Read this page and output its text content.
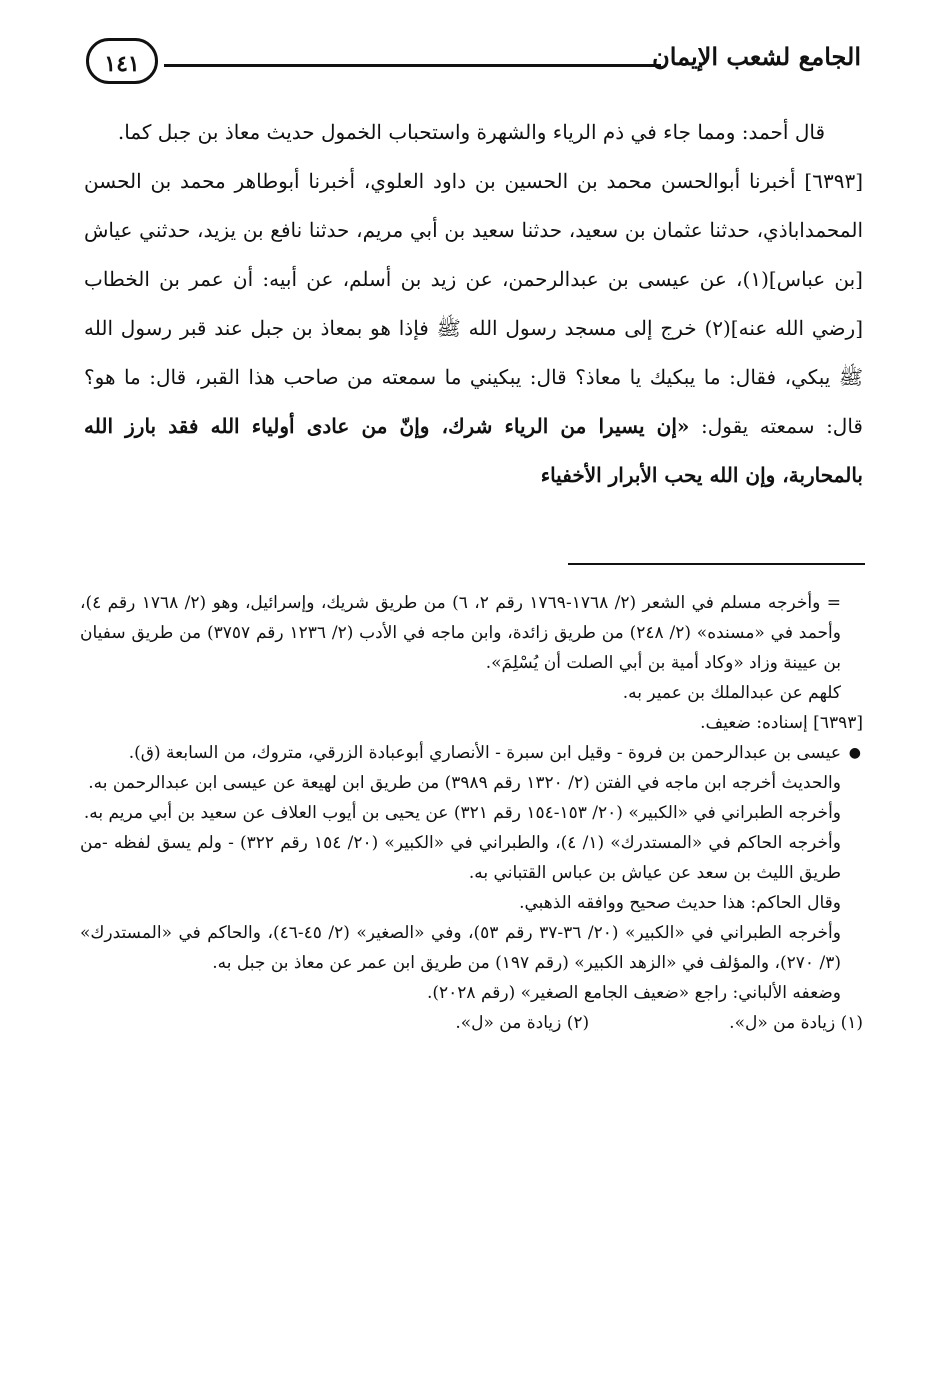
الجامع لشعب الإيمان
١٤١

قال أحمد: ومما جاء في ذم الرياء والشهرة واستحباب الخمول حديث معاذ بن جبل كما.

[٦٣٩٣] أخبرنا أبوالحسن محمد بن الحسين بن داود العلوي، أخبرنا أبوطاهر محمد بن الحسن المحمداباذي، حدثنا عثمان بن سعيد، حدثنا سعيد بن أبي مريم، حدثنا نافع بن يزيد، حدثني عياش [بن عباس](١)، عن عيسى بن عبدالرحمن، عن زيد بن أسلم، عن أبيه: أن عمر بن الخطاب [رضي الله عنه](٢) خرج إلى مسجد رسول الله ﷺ فإذا هو بمعاذ بن جبل عند قبر رسول الله ﷺ يبكي، فقال: ما يبكيك يا معاذ؟ قال: يبكيني ما سمعته من صاحب هذا القبر، قال: ما هو؟ قال: سمعته يقول: «إن يسيرا من الرياء شرك، وإنّ من عادى أولياء الله فقد بارز الله بالمحاربة، وإن الله يحب الأبرار الأخفياء

= وأخرجه مسلم في الشعر (٢/ ١٧٦٨-١٧٦٩ رقم ٢، ٦) من طريق شريك، وإسرائيل، وهو (٢/ ١٧٦٨ رقم ٤)، وأحمد في «مسنده» (٢/ ٢٤٨) من طريق زائدة، وابن ماجه في الأدب (٢/ ١٢٣٦ رقم ٣٧٥٧) من طريق سفيان بن عيينة وزاد «وكاد أمية بن أبي الصلت أن يُسْلِمَ».

كلهم عن عبدالملك بن عمير به.

[٦٣٩٣] إسناده: ضعيف.

●
عيسى بن عبدالرحمن بن فروة - وقيل ابن سبرة - الأنصاري أبوعبادة الزرقي، متروك، من السابعة (ق).

والحديث أخرجه ابن ماجه في الفتن (٢/ ١٣٢٠ رقم ٣٩٨٩) من طريق ابن لهيعة عن عيسى ابن عبدالرحمن به.

وأخرجه الطبراني في «الكبير» (٢٠/ ١٥٣-١٥٤ رقم ٣٢١) عن يحيى بن أيوب العلاف عن سعيد بن أبي مريم به.

وأخرجه الحاكم في «المستدرك» (١/ ٤)، والطبراني في «الكبير» (٢٠/ ١٥٤ رقم ٣٢٢) - ولم يسق لفظه -من طريق الليث بن سعد عن عياش بن عباس القتباني به.

وقال الحاكم: هذا حديث صحيح ووافقه الذهبي.

وأخرجه الطبراني في «الكبير» (٢٠/ ٣٦-٣٧ رقم ٥٣)، وفي «الصغير» (٢/ ٤٥-٤٦)، والحاكم في «المستدرك» (٣/ ٢٧٠)، والمؤلف في «الزهد الكبير» (رقم ١٩٧) من طريق ابن عمر عن معاذ بن جبل به.

وضعفه الألباني: راجع «ضعيف الجامع الصغير» (رقم ٢٠٢٨).

(١) زيادة من «ل».
(٢) زيادة من «ل».
